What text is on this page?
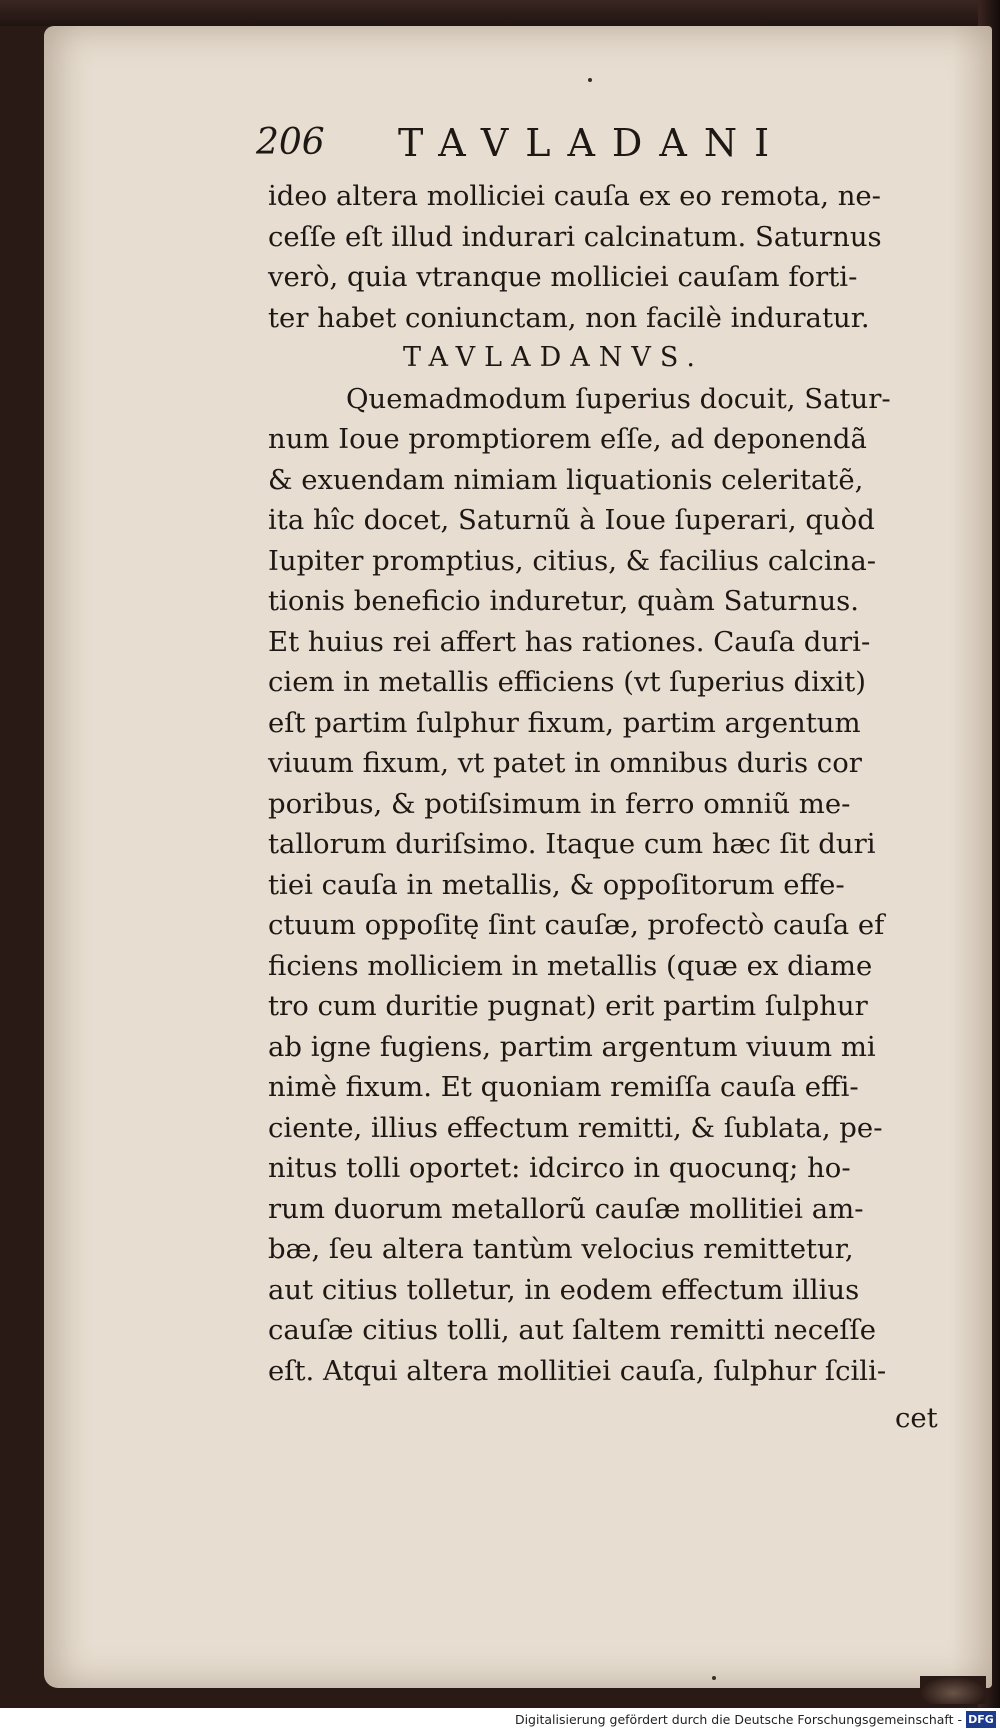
206 TAVLADANI
ideo altera molliciei cauſa ex eo remota, ne-
ceſſe eſt illud indurari calcinatum. Saturnus
verò, quia vtranque molliciei cauſam forti-
ter habet coniunctam, non facilè induratur.
TAVLADANVS.
Quemadmodum ſuperius docuit, Satur-
num Ioue promptiorem eſſe, ad deponendã
& exuendam nimiam liquationis celeritatẽ,
ita hîc docet, Saturnũ à Ioue ſuperari, quòd
Iupiter promptius, citius, & facilius calcina-
tionis beneficio induretur, quàm Saturnus.
Et huius rei affert has rationes. Cauſa duri-
ciem in metallis efficiens (vt ſuperius dixit)
eſt partim ſulphur fixum, partim argentum
viuum fixum, vt patet in omnibus duris cor
poribus, & potiſsimum in ferro omniũ me-
tallorum duriſsimo. Itaque cum hæc ſit duri
tiei cauſa in metallis, & oppoſitorum effe-
ctuum oppoſitę ſint cauſæ, profectò cauſa ef
ficiens molliciem in metallis (quæ ex diame
tro cum duritie pugnat) erit partim ſulphur
ab igne fugiens, partim argentum viuum mi
nimè fixum. Et quoniam remiſſa cauſa effi-
ciente, illius effectum remitti, & ſublata, pe-
nitus tolli oportet: idcirco in quocunq; ho-
rum duorum metallorũ cauſæ mollitiei am-
bæ, ſeu altera tantùm velocius remittetur,
aut citius tolletur, in eodem effectum illius
cauſæ citius tolli, aut ſaltem remitti neceſſe
eſt. Atqui altera mollitiei cauſa, ſulphur ſcili-
cet
Digitalisierung gefördert durch die Deutsche Forschungsgemeinschaft - DFG
